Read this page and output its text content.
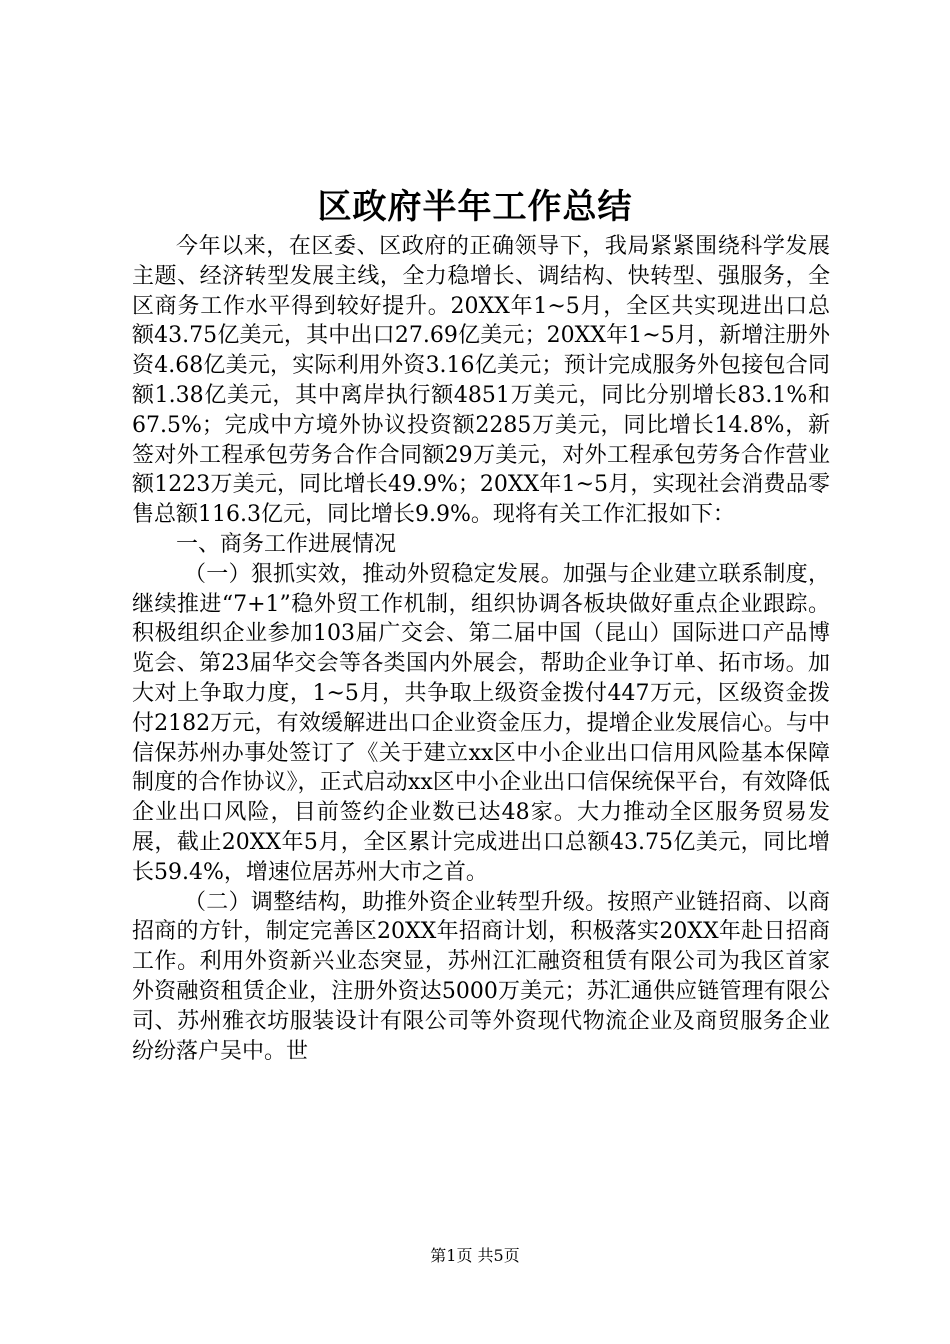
区政府半年工作总结

今年以来，在区委、区政府的正确领导下，我局紧紧围绕科学发展主题、经济转型发展主线，全力稳增长、调结构、快转型、强服务，全区商务工作水平得到较好提升。20XX年1~5月，全区共实现进出口总额43.75亿美元，其中出口27.69亿美元；20XX年1~5月，新增注册外资4.68亿美元，实际利用外资3.16亿美元；预计完成服务外包接包合同额1.38亿美元，其中离岸执行额4851万美元，同比分别增长83.1%和67.5%；完成中方境外协议投资额2285万美元，同比增长14.8%，新签对外工程承包劳务合作合同额29万美元，对外工程承包劳务合作营业额1223万美元，同比增长49.9%；20XX年1~5月，实现社会消费品零售总额116.3亿元，同比增长9.9%。现将有关工作汇报如下：

一、商务工作进展情况

（一）狠抓实效，推动外贸稳定发展。加强与企业建立联系制度，继续推进“7+1”稳外贸工作机制，组织协调各板块做好重点企业跟踪。积极组织企业参加103届广交会、第二届中国（昆山）国际进口产品博览会、第23届华交会等各类国内外展会，帮助企业争订单、拓市场。加大对上争取力度，1~5月，共争取上级资金拨付447万元，区级资金拨付2182万元，有效缓解进出口企业资金压力，提增企业发展信心。与中信保苏州办事处签订了《关于建立xx区中小企业出口信用风险基本保障制度的合作协议》，正式启动xx区中小企业出口信保统保平台，有效降低企业出口风险，目前签约企业数已达48家。大力推动全区服务贸易发展，截止20XX年5月，全区累计完成进出口总额43.75亿美元，同比增长59.4%，增速位居苏州大市之首。

（二）调整结构，助推外资企业转型升级。按照产业链招商、以商招商的方针，制定完善区20XX年招商计划，积极落实20XX年赴日招商工作。利用外资新兴业态突显，苏州江汇融资租赁有限公司为我区首家外资融资租赁企业，注册外资达5000万美元；苏汇通供应链管理有限公司、苏州雅衣坊服装设计有限公司等外资现代物流企业及商贸服务企业纷纷落户吴中。世

第1页 共5页
